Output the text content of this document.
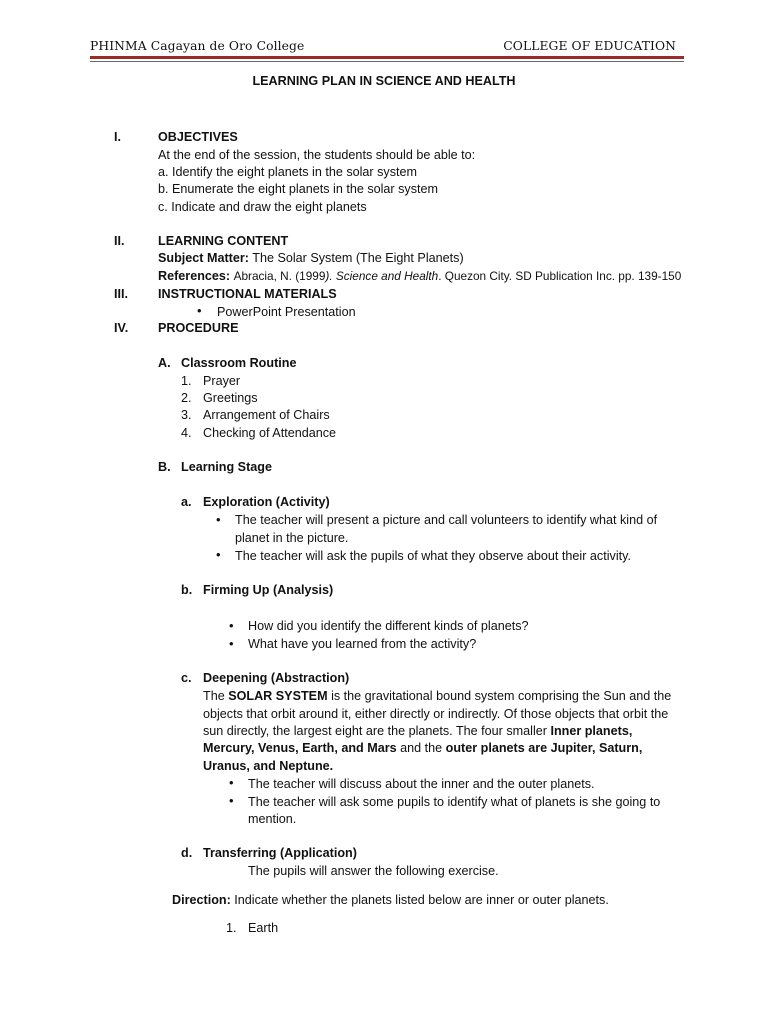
PHINMA Cagayan de Oro College	COLLEGE OF EDUCATION
LEARNING PLAN IN SCIENCE AND HEALTH
I.	OBJECTIVES
At the end of the session, the students should be able to:
a. Identify the eight planets in the solar system
b. Enumerate the eight planets in the solar system
c. Indicate and draw the eight planets
II.	LEARNING CONTENT
Subject Matter: The Solar System (The Eight Planets)
References: Abracia, N. (1999). Science and Health. Quezon City. SD Publication Inc. pp. 139-150
III. INSTRUCTIONAL MATERIALS
• PowerPoint Presentation
IV. PROCEDURE
A. Classroom Routine
1. Prayer
2. Greetings
3. Arrangement of Chairs
4. Checking of Attendance
B. Learning Stage
a. Exploration (Activity)
• The teacher will present a picture and call volunteers to identify what kind of
planet in the picture.
• The teacher will ask the pupils of what they observe about their activity.
b. Firming Up (Analysis)
• How did you identify the different kinds of planets?
• What have you learned from the activity?
c. Deepening (Abstraction)
The SOLAR SYSTEM is the gravitational bound system comprising the Sun and the
objects that orbit around it, either directly or indirectly. Of those objects that orbit the
sun directly, the largest eight are the planets. The four smaller Inner planets,
Mercury, Venus, Earth, and Mars and the outer planets are Jupiter, Saturn,
Uranus, and Neptune.
• The teacher will discuss about the inner and the outer planets.
• The teacher will ask some pupils to identify what of planets is she going to
mention.
d. Transferring (Application)
The pupils will answer the following exercise.
Direction: Indicate whether the planets listed below are inner or outer planets.
1. Earth
